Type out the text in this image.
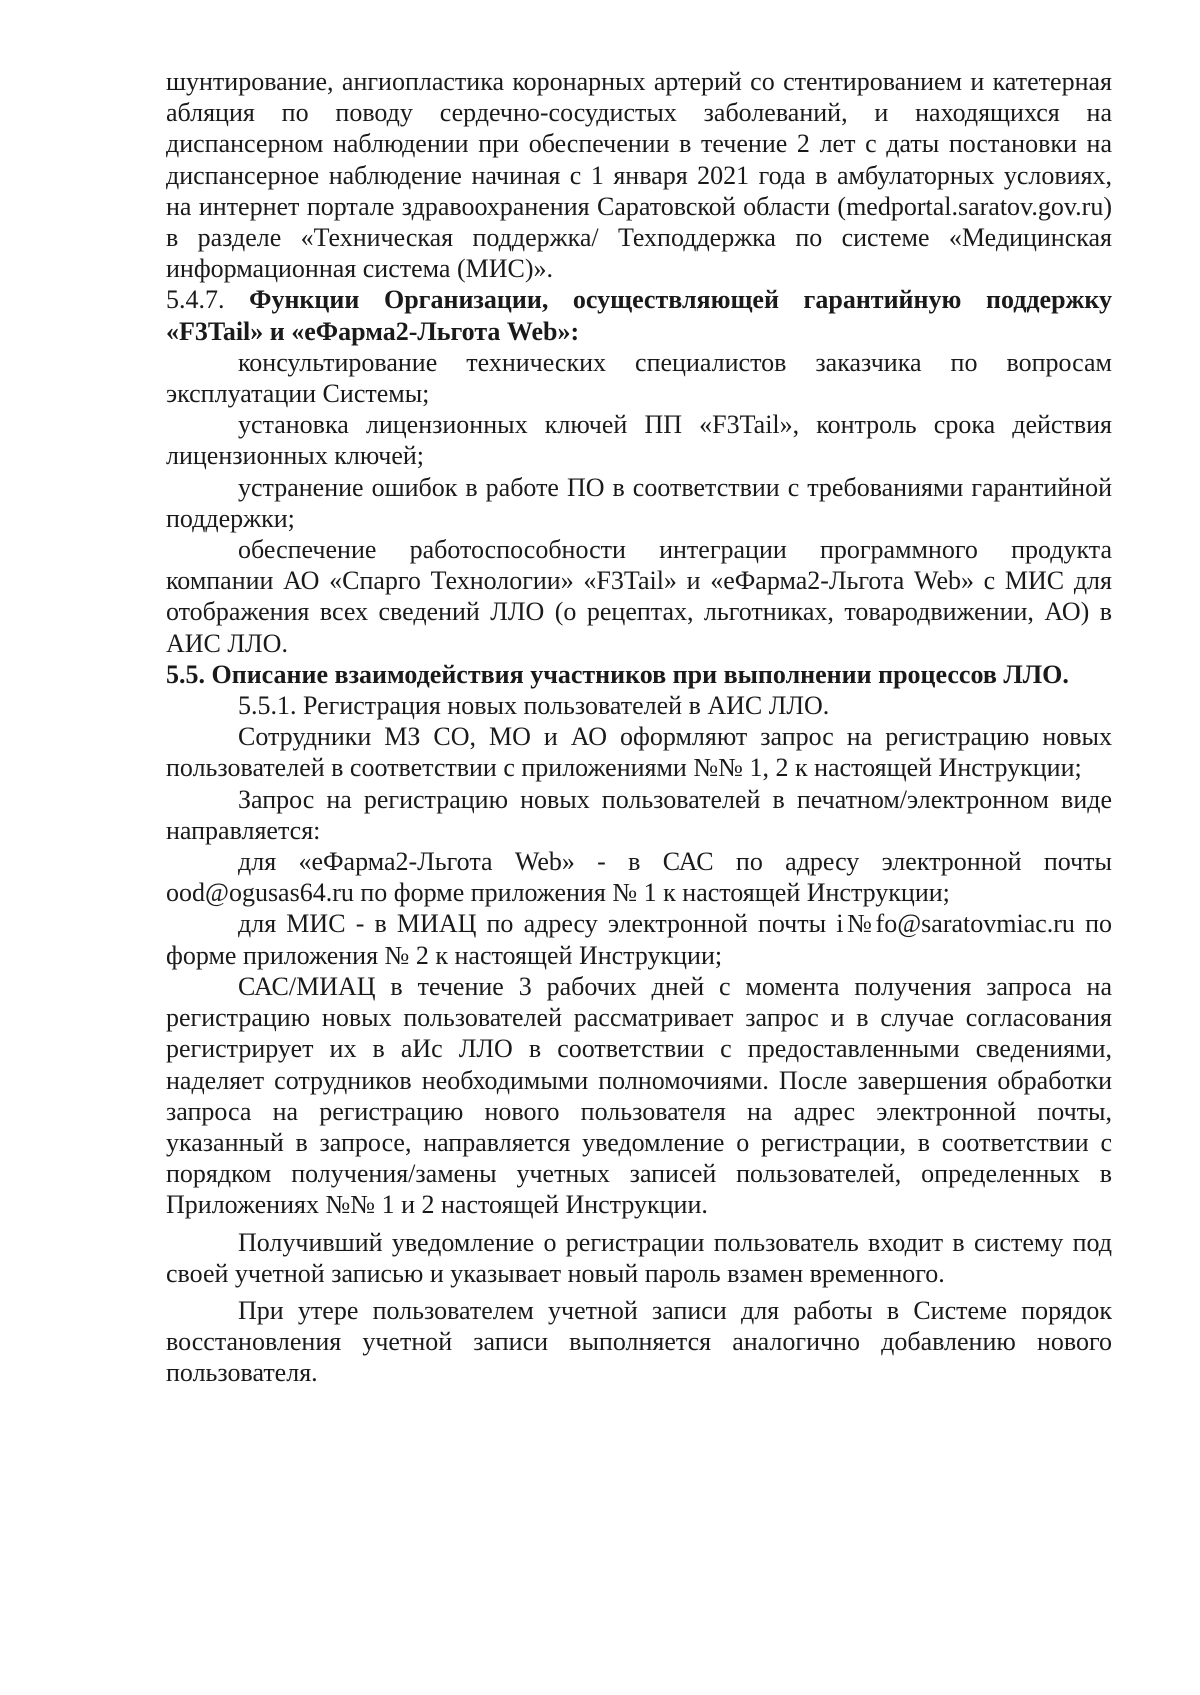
шунтирование, ангиопластика коронарных артерий со стентированием и катетерная абляция по поводу сердечно-сосудистых заболеваний, и находящихся на диспансерном наблюдении при обеспечении в течение 2 лет с даты постановки на диспансерное наблюдение начиная с 1 января 2021 года в амбулаторных условиях, на интернет портале здравоохранения Саратовской области (medportal.saratov.gov.ru) в разделе «Техническая поддержка/ Техподдержка по системе «Медицинская информационная система (МИС)».

5.4.7. Функции Организации, осуществляющей гарантийную поддержку «F3Tail» и «еФарма2-Льгота Web»:

консультирование технических специалистов заказчика по вопросам эксплуатации Системы;

установка лицензионных ключей ПП «F3Tail», контроль срока действия лицензионных ключей;

устранение ошибок в работе ПО в соответствии с требованиями гарантийной поддержки;

обеспечение работоспособности интеграции программного продукта компании АО «Спарго Технологии» «F3Tail» и «еФарма2-Льгота Web» с МИС для отображения всех сведений ЛЛО (о рецептах, льготниках, товародвижении, АО) в АИС ЛЛО.

5.5. Описание взаимодействия участников при выполнении процессов ЛЛО.

5.5.1. Регистрация новых пользователей в АИС ЛЛО.

Сотрудники МЗ СО, МО и АО оформляют запрос на регистрацию новых пользователей в соответствии с приложениями №№ 1, 2 к настоящей Инструкции;

Запрос на регистрацию новых пользователей в печатном/электронном виде направляется:

для «еФарма2-Льгота Web» - в САС по адресу электронной почты ood@ogusas64.ru по форме приложения № 1 к настоящей Инструкции;

для МИС - в МИАЦ по адресу электронной почты i№fo@saratovmiac.ru по форме приложения № 2 к настоящей Инструкции;

САС/МИАЦ в течение 3 рабочих дней с момента получения запроса на регистрацию новых пользователей рассматривает запрос и в случае согласования регистрирует их в аИс ЛЛО в соответствии с предоставленными сведениями, наделяет сотрудников необходимыми полномочиями. После завершения обработки запроса на регистрацию нового пользователя на адрес электронной почты, указанный в запросе, направляется уведомление о регистрации, в соответствии с порядком получения/замены учетных записей пользователей, определенных в Приложениях №№ 1 и 2 настоящей Инструкции.

Получивший уведомление о регистрации пользователь входит в систему под своей учетной записью и указывает новый пароль взамен временного.

При утере пользователем учетной записи для работы в Системе порядок восстановления учетной записи выполняется аналогично добавлению нового пользователя.
